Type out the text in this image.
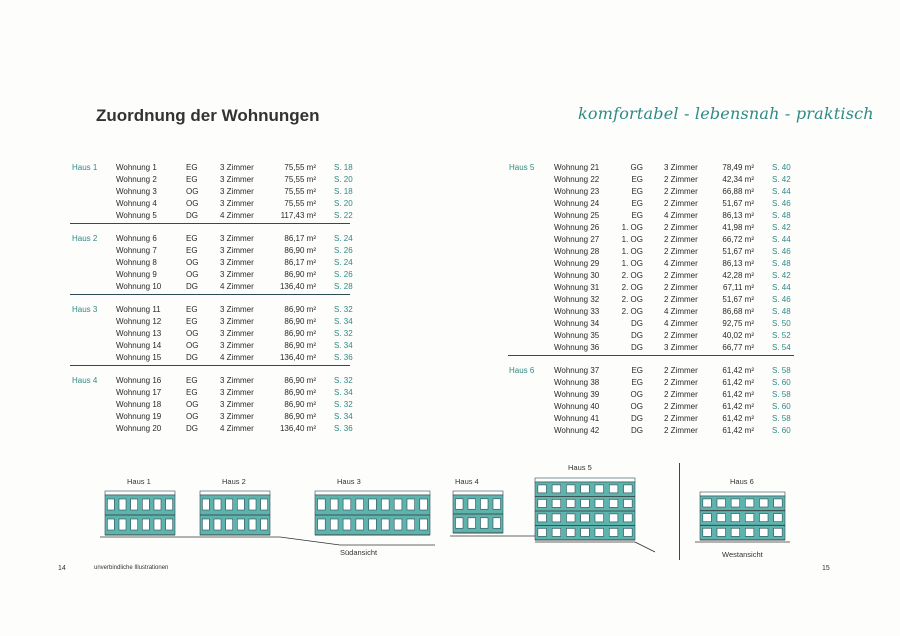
Zuordnung der Wohnungen	komfortabel - lebensnah - praktisch
Haus 1 Wohnung 1	EG	3 Zimmer	75,55 m² S. 18
Wohnung 2	EG	3 Zimmer	75,55 m² S. 20
Wohnung 3	OG	3 Zimmer	75,55 m² S. 18
Wohnung 4	OG	3 Zimmer	75,55 m² S. 20
Wohnung 5	DG	4 Zimmer	117,43 m² S. 22
Haus 2 Wohnung 6	EG	3 Zimmer	86,17 m² S. 24
Wohnung 7	EG	3 Zimmer	86,90 m² S. 26
Wohnung 8	OG	3 Zimmer	86,17 m² S. 24
Wohnung 9	OG	3 Zimmer	86,90 m² S. 26
Wohnung 10	DG	4 Zimmer	136,40 m² S. 28
Haus 3 Wohnung 11	EG	3 Zimmer	86,90 m² S. 32
Wohnung 12	EG	3 Zimmer	86,90 m² S. 34
Wohnung 13	OG	3 Zimmer	86,90 m² S. 32
Wohnung 14	OG	3 Zimmer	86,90 m² S. 34
Wohnung 15	DG	4 Zimmer	136,40 m² S. 36
Haus 4 Wohnung 16	EG	3 Zimmer	86,90 m² S. 32
Wohnung 17	EG	3 Zimmer	86,90 m² S. 34
Wohnung 18	OG	3 Zimmer	86,90 m² S. 32
Wohnung 19	OG	3 Zimmer	86,90 m² S. 34
Wohnung 20	DG	4 Zimmer	136,40 m² S. 36
Haus 5 Wohnung 21	GG	3 Zimmer	78,49 m² S. 40
Wohnung 22	EG	2 Zimmer	42,34 m² S. 42
Wohnung 23	EG	2 Zimmer	66,88 m² S. 44
Wohnung 24	EG	2 Zimmer	51,67 m² S. 46
Wohnung 25	EG	4 Zimmer	86,13 m² S. 48
Wohnung 26	1. OG	2 Zimmer	41,98 m² S. 42
Wohnung 27	1. OG	2 Zimmer	66,72 m² S. 44
Wohnung 28	1. OG	2 Zimmer	51,67 m² S. 46
Wohnung 29	1. OG	4 Zimmer	86,13 m² S. 48
Wohnung 30	2. OG	2 Zimmer	42,28 m² S. 42
Wohnung 31	2. OG	2 Zimmer	67,11 m² S. 44
Wohnung 32	2. OG	2 Zimmer	51,67 m² S. 46
Wohnung 33	2. OG	4 Zimmer	86,68 m² S. 48
Wohnung 34	DG	4 Zimmer	92,75 m² S. 50
Wohnung 35	DG	2 Zimmer	40,02 m² S. 52
Wohnung 36	DG	3 Zimmer	66,77 m² S. 54
Haus 6 Wohnung 37	EG	2 Zimmer	61,42 m² S. 58
Wohnung 38	EG	2 Zimmer	61,42 m² S. 60
Wohnung 39	OG	2 Zimmer	61,42 m² S. 58
Wohnung 40	OG	2 Zimmer	61,42 m² S. 60
Wohnung 41	DG	2 Zimmer	61,42 m² S. 58
Wohnung 42	DG	2 Zimmer	61,42 m² S. 60
Haus 1	Haus 2	Haus 3	Haus 4
Haus 5
Haus 6
Südansicht	Westansicht
14	unverbindliche Illustrationen	15
